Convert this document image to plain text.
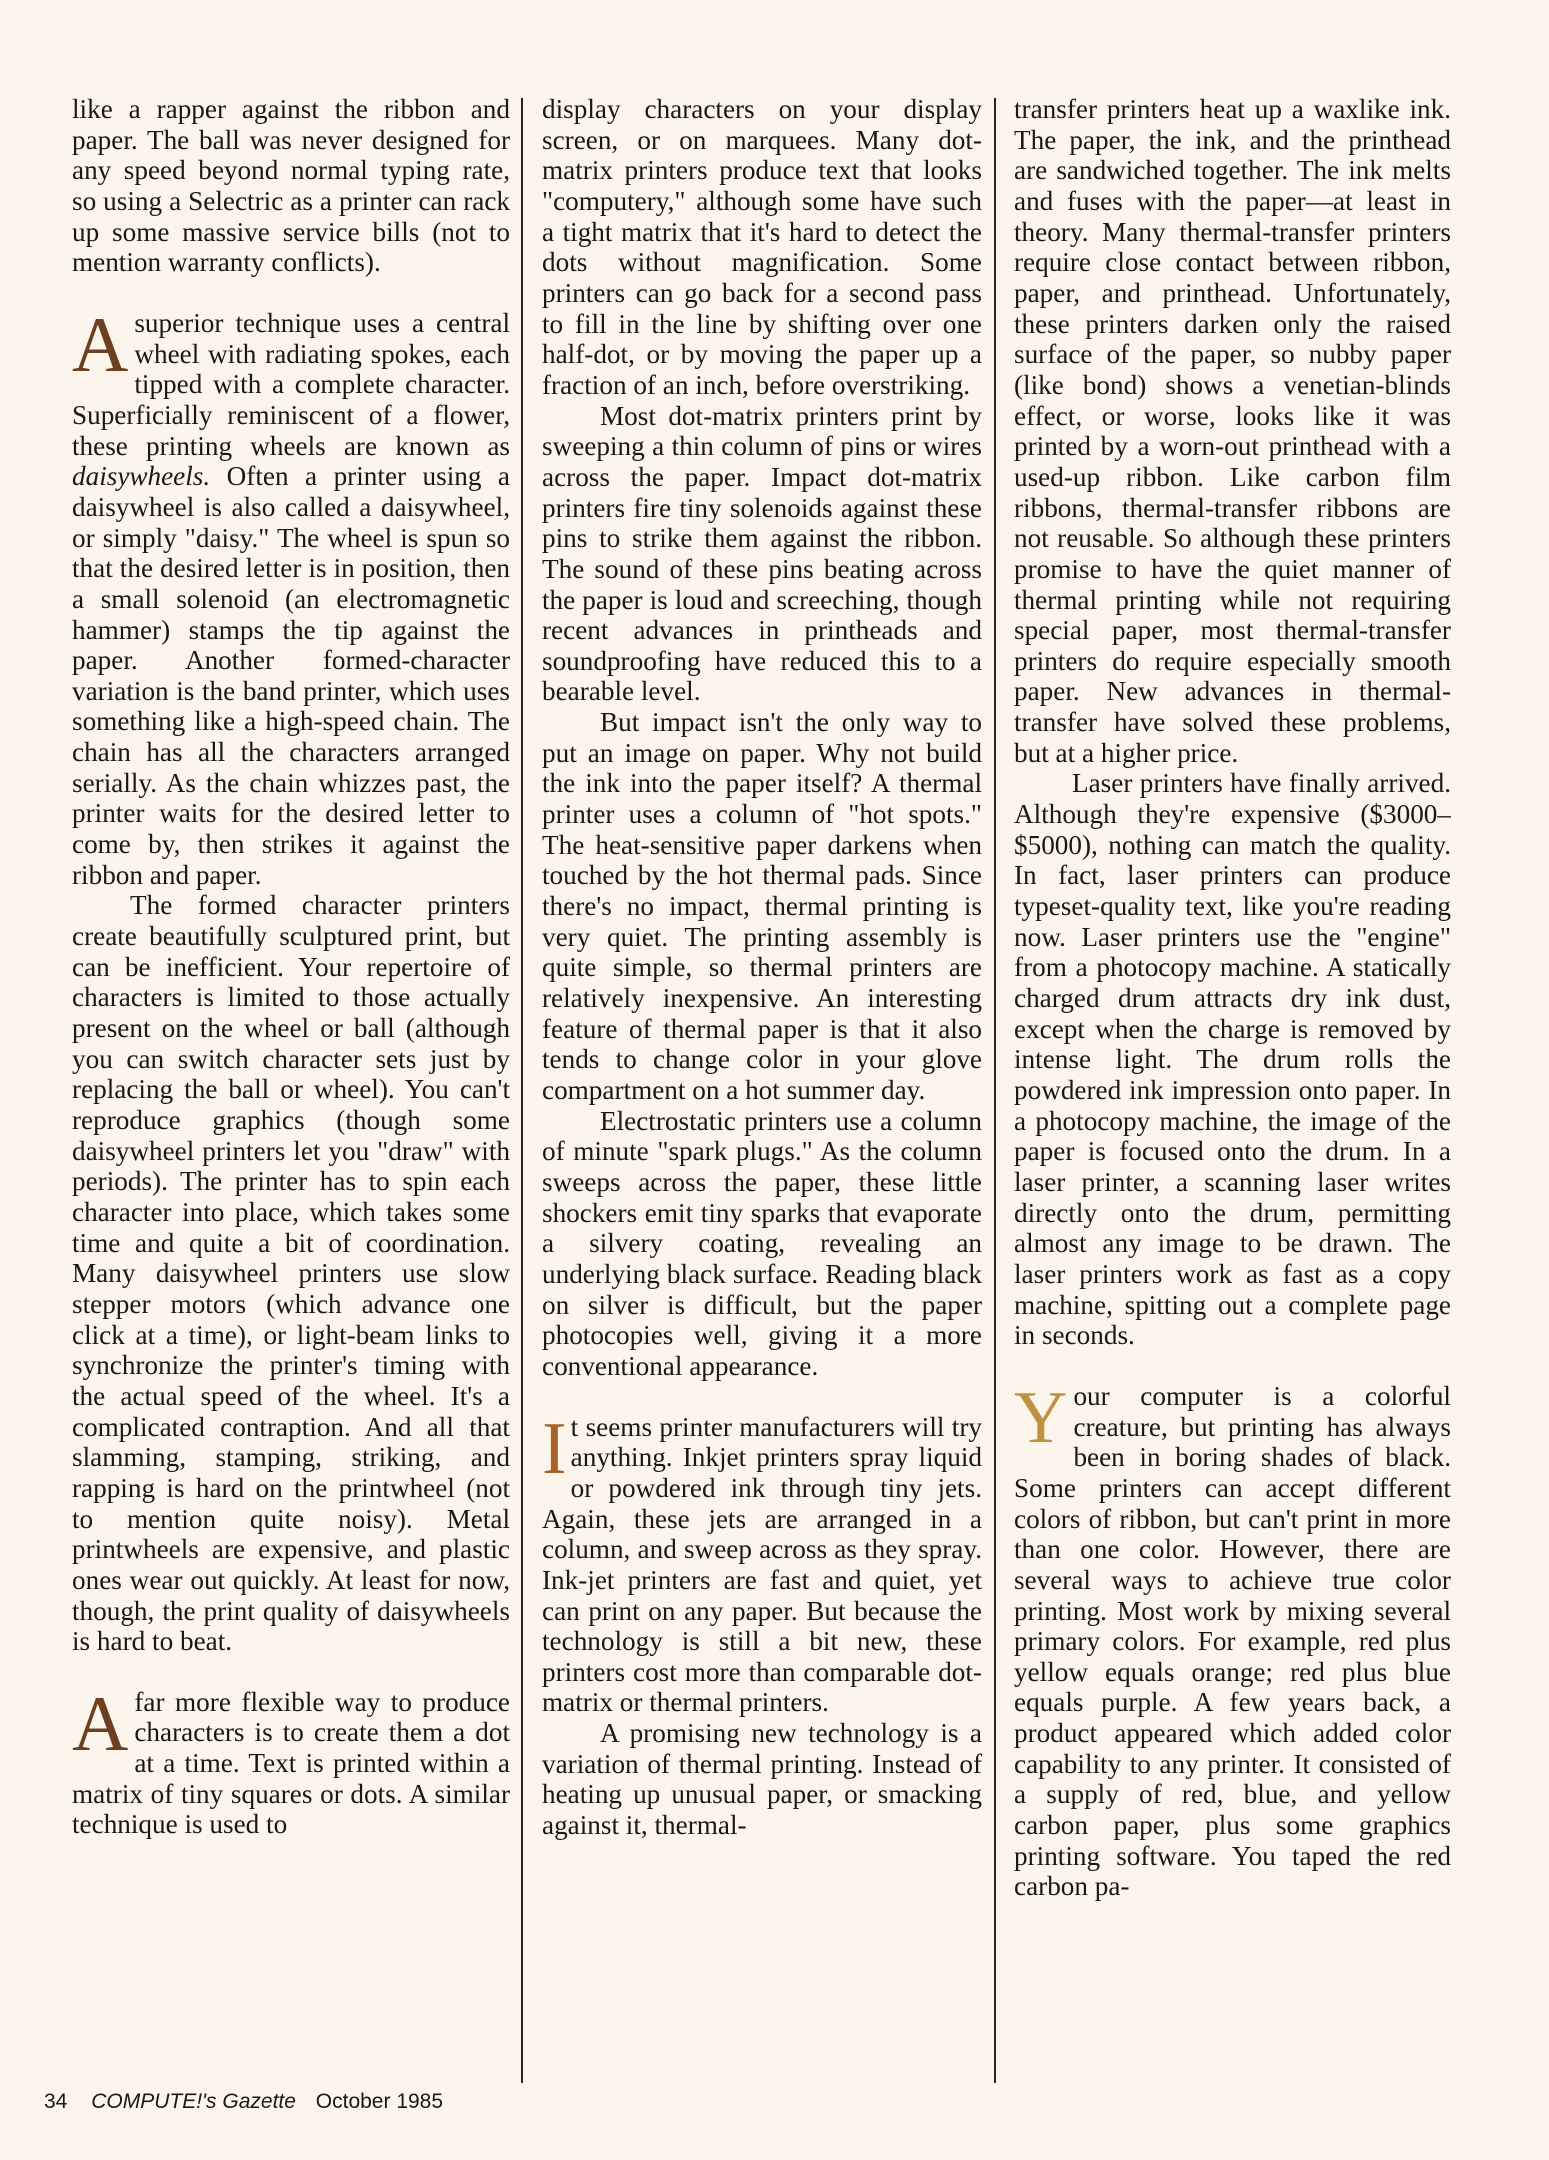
like a rapper against the ribbon and paper. The ball was never designed for any speed beyond normal typing rate, so using a Selectric as a printer can rack up some massive service bills (not to mention warranty conflicts).

Asuperior technique uses a central wheel with radiating spokes, each tipped with a complete character. Superficially reminiscent of a flower, these printing wheels are known as daisywheels. Often a printer using a daisywheel is also called a daisywheel, or simply "daisy." The wheel is spun so that the desired letter is in position, then a small solenoid (an electromagnetic hammer) stamps the tip against the paper. Another formed-character variation is the band printer, which uses something like a high-speed chain. The chain has all the characters arranged serially. As the chain whizzes past, the printer waits for the desired letter to come by, then strikes it against the ribbon and paper.

The formed character printers create beautifully sculptured print, but can be inefficient. Your repertoire of characters is limited to those actually present on the wheel or ball (although you can switch character sets just by replacing the ball or wheel). You can't reproduce graphics (though some daisywheel printers let you "draw" with periods). The printer has to spin each character into place, which takes some time and quite a bit of coordination. Many daisywheel printers use slow stepper motors (which advance one click at a time), or light-beam links to synchronize the printer's timing with the actual speed of the wheel. It's a complicated contraption. And all that slamming, stamping, striking, and rapping is hard on the printwheel (not to mention quite noisy). Metal printwheels are expensive, and plastic ones wear out quickly. At least for now, though, the print quality of daisywheels is hard to beat.

Afar more flexible way to produce characters is to create them a dot at a time. Text is printed within a matrix of tiny squares or dots. A similar technique is used to

display characters on your display screen, or on marquees. Many dot-matrix printers produce text that looks "computery," although some have such a tight matrix that it's hard to detect the dots without magnification. Some printers can go back for a second pass to fill in the line by shifting over one half-dot, or by moving the paper up a fraction of an inch, before overstriking.

Most dot-matrix printers print by sweeping a thin column of pins or wires across the paper. Impact dot-matrix printers fire tiny solenoids against these pins to strike them against the ribbon. The sound of these pins beating across the paper is loud and screeching, though recent advances in printheads and soundproofing have reduced this to a bearable level.

But impact isn't the only way to put an image on paper. Why not build the ink into the paper itself? A thermal printer uses a column of "hot spots." The heat-sensitive paper darkens when touched by the hot thermal pads. Since there's no impact, thermal printing is very quiet. The printing assembly is quite simple, so thermal printers are relatively inexpensive. An interesting feature of thermal paper is that it also tends to change color in your glove compartment on a hot summer day.

Electrostatic printers use a column of minute "spark plugs." As the column sweeps across the paper, these little shockers emit tiny sparks that evaporate a silvery coating, revealing an underlying black surface. Reading black on silver is difficult, but the paper photocopies well, giving it a more conventional appearance.

It seems printer manufacturers will try anything. Inkjet printers spray liquid or powdered ink through tiny jets. Again, these jets are arranged in a column, and sweep across as they spray. Ink-jet printers are fast and quiet, yet can print on any paper. But because the technology is still a bit new, these printers cost more than comparable dot-matrix or thermal printers.

A promising new technology is a variation of thermal printing. Instead of heating up unusual paper, or smacking against it, thermal-

transfer printers heat up a waxlike ink. The paper, the ink, and the printhead are sandwiched together. The ink melts and fuses with the paper—at least in theory. Many thermal-transfer printers require close contact between ribbon, paper, and printhead. Unfortunately, these printers darken only the raised surface of the paper, so nubby paper (like bond) shows a venetian-blinds effect, or worse, looks like it was printed by a worn-out printhead with a used-up ribbon. Like carbon film ribbons, thermal-transfer ribbons are not reusable. So although these printers promise to have the quiet manner of thermal printing while not requiring special paper, most thermal-transfer printers do require especially smooth paper. New advances in thermal-transfer have solved these problems, but at a higher price.

Laser printers have finally arrived. Although they're expensive ($3000–$5000), nothing can match the quality. In fact, laser printers can produce typeset-quality text, like you're reading now. Laser printers use the "engine" from a photocopy machine. A statically charged drum attracts dry ink dust, except when the charge is removed by intense light. The drum rolls the powdered ink impression onto paper. In a photocopy machine, the image of the paper is focused onto the drum. In a laser printer, a scanning laser writes directly onto the drum, permitting almost any image to be drawn. The laser printers work as fast as a copy machine, spitting out a complete page in seconds.

Your computer is a colorful creature, but printing has always been in boring shades of black. Some printers can accept different colors of ribbon, but can't print in more than one color. However, there are several ways to achieve true color printing. Most work by mixing several primary colors. For example, red plus yellow equals orange; red plus blue equals purple. A few years back, a product appeared which added color capability to any printer. It consisted of a supply of red, blue, and yellow carbon paper, plus some graphics printing software. You taped the red carbon pa-

34 COMPUTE!'s Gazette October 1985
